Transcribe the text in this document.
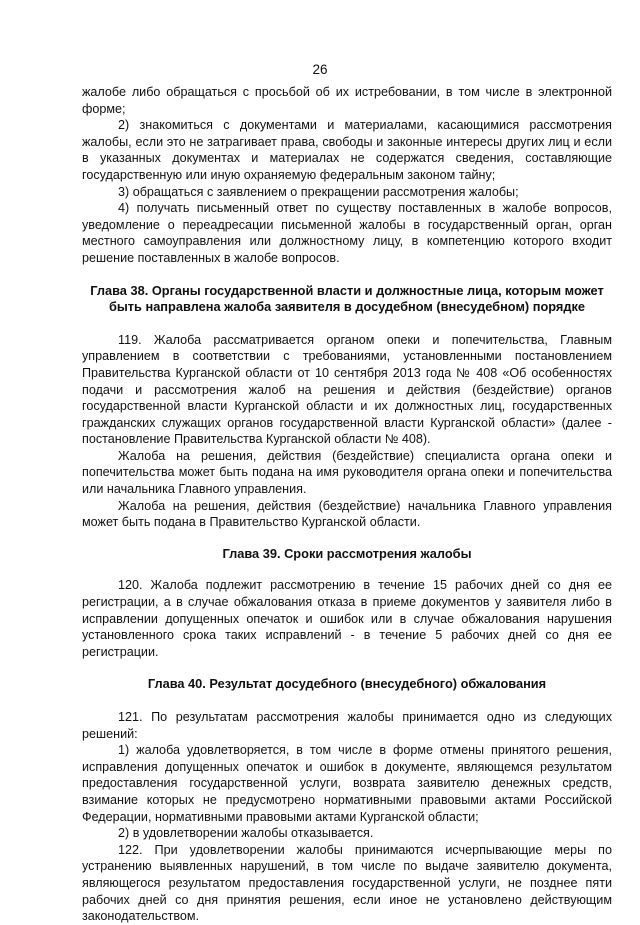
26

жалобе либо обращаться с просьбой об их истребовании, в том числе в электронной форме;

2) знакомиться с документами и материалами, касающимися рассмотрения жалобы, если это не затрагивает права, свободы и законные интересы других лиц и если в указанных документах и материалах не содержатся сведения, составляющие государственную или иную охраняемую федеральным законом тайну;

3) обращаться с заявлением о прекращении рассмотрения жалобы;

4) получать письменный ответ по существу поставленных в жалобе вопросов, уведомление о переадресации письменной жалобы в государственный орган, орган местного самоуправления или должностному лицу, в компетенцию которого входит решение поставленных в жалобе вопросов.

Глава 38. Органы государственной власти и должностные лица, которым может быть направлена жалоба заявителя в досудебном (внесудебном) порядке

119. Жалоба рассматривается органом опеки и попечительства, Главным управлением в соответствии с требованиями, установленными постановлением Правительства Курганской области от 10 сентября 2013 года № 408 «Об особенностях подачи и рассмотрения жалоб на решения и действия (бездействие) органов государственной власти Курганской области и их должностных лиц, государственных гражданских служащих органов государственной власти Курганской области» (далее - постановление Правительства Курганской области № 408).

Жалоба на решения, действия (бездействие) специалиста органа опеки и попечительства может быть подана на имя руководителя органа опеки и попечительства или начальника Главного управления.

Жалоба на решения, действия (бездействие) начальника Главного управления может быть подана в Правительство Курганской области.

Глава 39. Сроки рассмотрения жалобы

120. Жалоба подлежит рассмотрению в течение 15 рабочих дней со дня ее регистрации, а в случае обжалования отказа в приеме документов у заявителя либо в исправлении допущенных опечаток и ошибок или в случае обжалования нарушения установленного срока таких исправлений - в течение 5 рабочих дней со дня ее регистрации.

Глава 40. Результат досудебного (внесудебного) обжалования

121. По результатам рассмотрения жалобы принимается одно из следующих решений:

1) жалоба удовлетворяется, в том числе в форме отмены принятого решения, исправления допущенных опечаток и ошибок в документе, являющемся результатом предоставления государственной услуги, возврата заявителю денежных средств, взимание которых не предусмотрено нормативными правовыми актами Российской Федерации, нормативными правовыми актами Курганской области;

2) в удовлетворении жалобы отказывается.

122. При удовлетворении жалобы принимаются исчерпывающие меры по устранению выявленных нарушений, в том числе по выдаче заявителю документа, являющегося результатом предоставления государственной услуги, не позднее пяти рабочих дней со дня принятия решения, если иное не установлено действующим законодательством.
